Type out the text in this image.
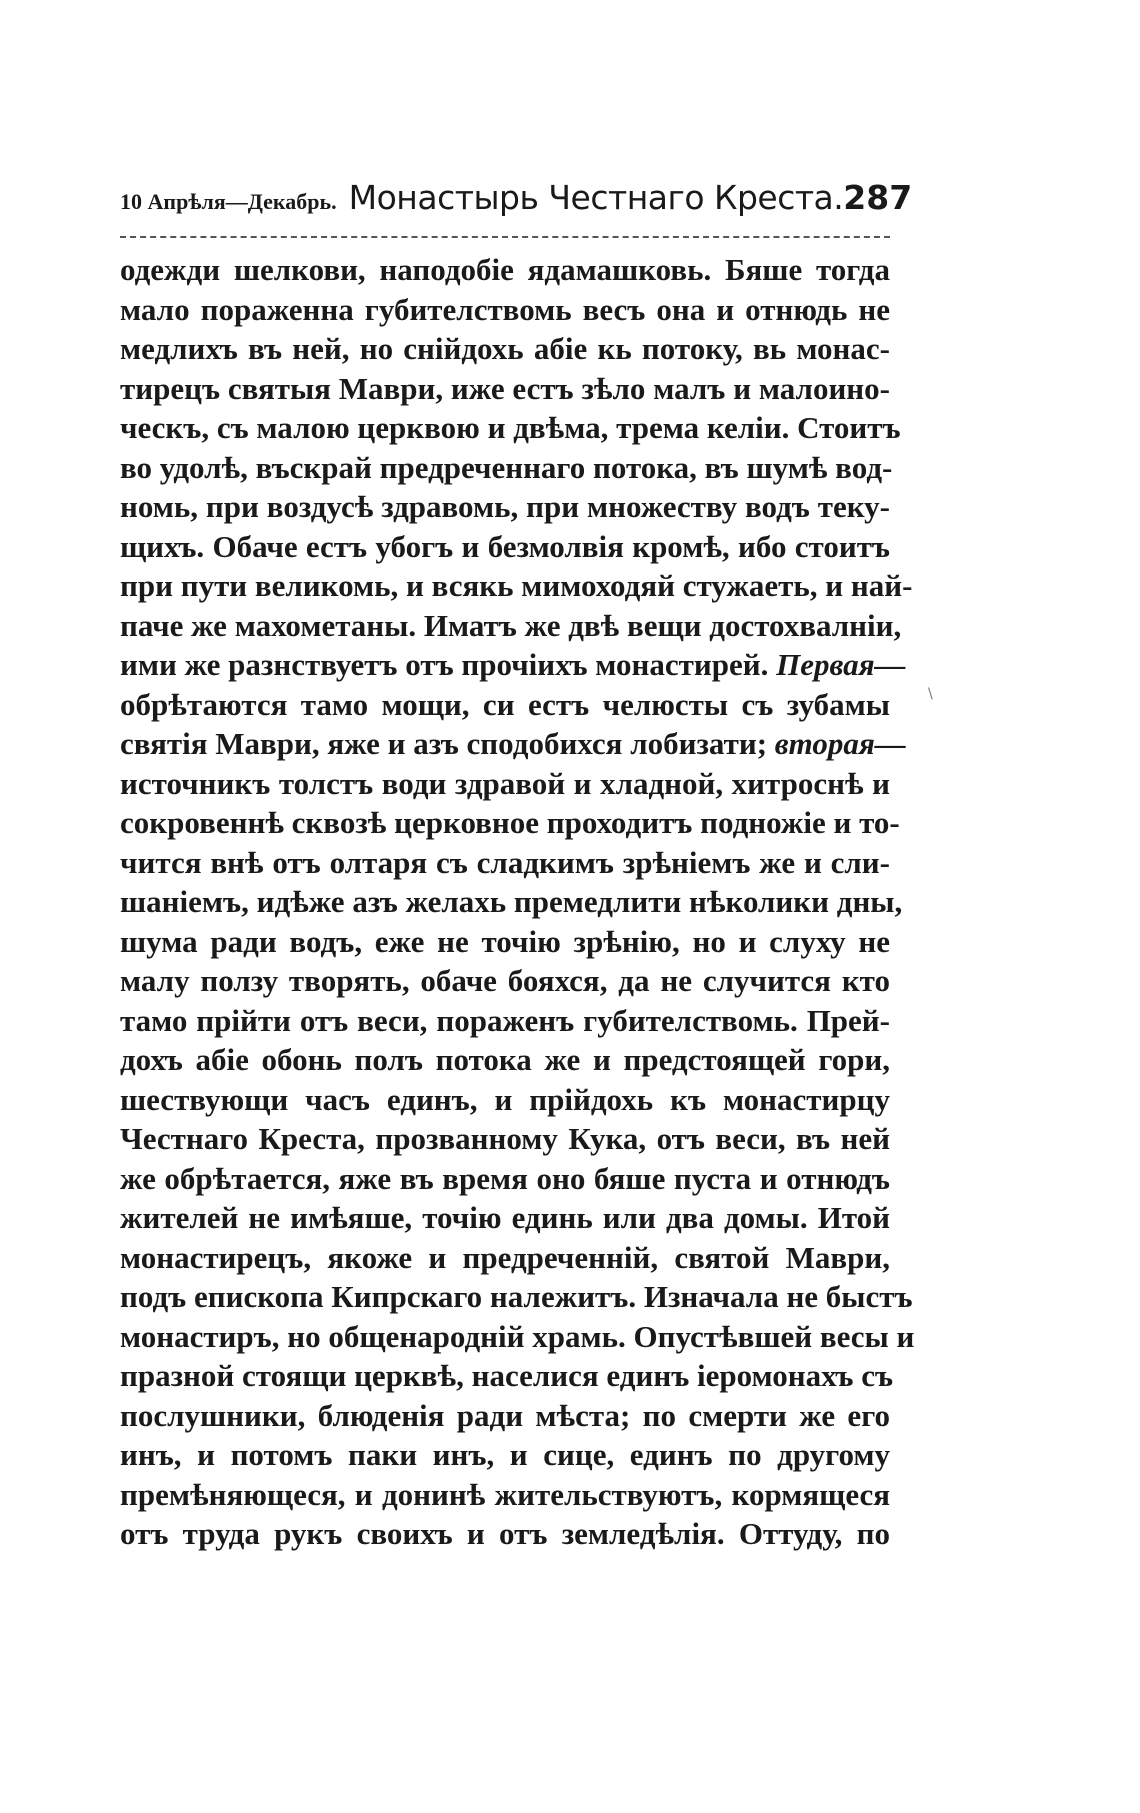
10 Апрѣля—Декабрь. Монастырь Честнаго Креста. 287
одежди шелкови, наподобіе ядамашковь. Бяше тогда
мало пораженна губителствомь весъ она и отнюдь не
медлихъ въ ней, но снійдохь абіе кь потоку, вь монас-
тирецъ святыя Маври, иже естъ зѣло малъ и малоино-
ческъ, съ малою церквою и двѣма, трема келіи. Стоитъ
во удолѣ, въскрай предреченнаго потока, въ шумѣ вод-
номь, при воздусѣ здравомь, при множеству водъ теку-
щихъ. Обаче естъ убогъ и безмолвія кромѣ, ибо стоитъ
при пути великомь, и всякь мимоходяй стужаеть, и най-
паче же махометаны. Иматъ же двѣ вещи достохвалніи,
ими же разнствуетъ отъ прочіихъ монастирей. Первая—
обрѣтаются тамо мощи, си естъ челюсты съ зубамы
святія Маври, яже и азъ сподобихся лобизати; вторая—
источникъ толстъ води здравой и хладной, хитроснѣ и
сокровеннѣ сквозѣ церковное проходитъ подножіе и то-
чится внѣ отъ олтаря съ сладкимъ зрѣніемъ же и сли-
шаніемъ, идѣже азъ желахь премедлити нѣколики дны,
шума ради водъ, еже не точію зрѣнію, но и слуху не
малу ползу творять, обаче бояхся, да не случится кто
тамо прійти отъ веси, пораженъ губителствомь. Прей-
дохъ абіе обонь полъ потока же и предстоящей гори,
шествующи часъ единъ, и прійдохь къ монастирцу
Честнаго Креста, прозванному Кука, отъ веси, въ ней
же обрѣтается, яже въ время оно бяше пуста и отнюдъ
жителей не имѣяше, точію единь или два домы. Итой
монастирецъ, якоже и предреченній, святой Маври,
подъ епископа Кипрскаго належитъ. Изначала не быстъ
монастиръ, но общенароднiй храмь. Опустѣвшей весы и
празной стоящи церквѣ, населися единъ іеромонахъ съ
послушники, блюденія ради мѣста; по смерти же его
инъ, и потомъ паки инъ, и сице, единъ по другому
премѣняющеся, и донинѣ жительствуютъ, кормящеся
отъ труда рукъ своихъ и отъ земледѣлія. Оттуду, по
\
